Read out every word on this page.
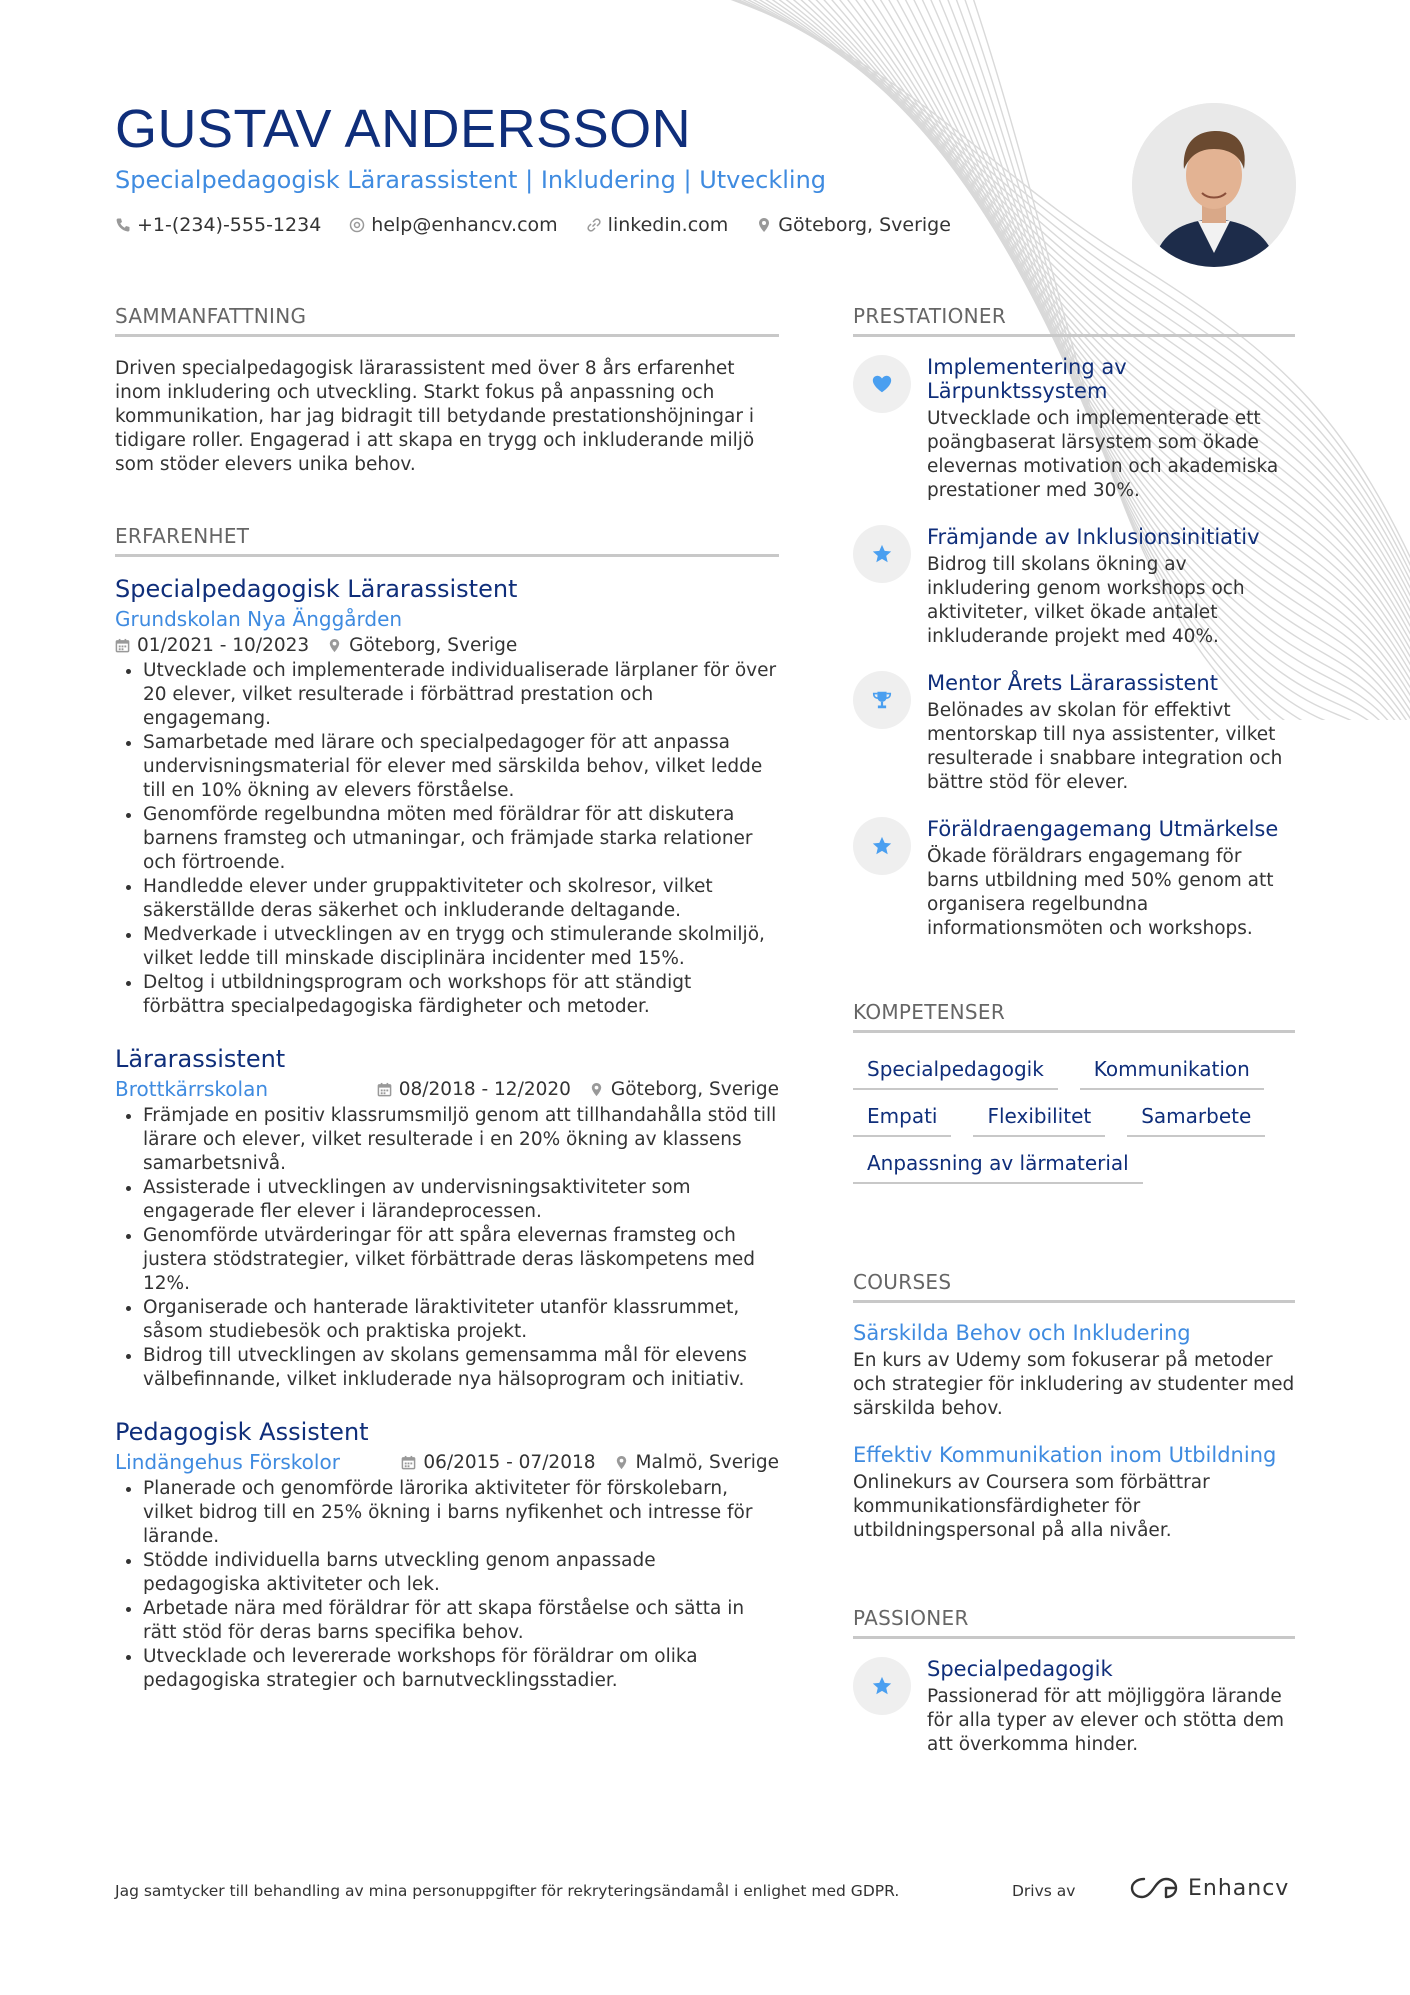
GUSTAV ANDERSSON
Specialpedagogisk Lärarassistent | Inkludering | Utveckling
+1-(234)-555-1234	help@enhancv.com	linkedin.com	Göteborg, Sverige
SAMMANFATTNING
Driven specialpedagogisk lärarassistent med över 8 års erfarenhet inom inkludering och utveckling. Starkt fokus på anpassning och kommunikation, har jag bidragit till betydande prestationshöjningar i tidigare roller. Engagerad i att skapa en trygg och inkluderande miljö som stöder elevers unika behov.
ERFARENHET
Specialpedagogisk Lärarassistent
Grundskolan Nya Änggården
01/2021 - 10/2023 Göteborg, Sverige
• Utvecklade och implementerade individualiserade lärplaner för över 20 elever, vilket resulterade i förbättrad prestation och engagemang.
• Samarbetade med lärare och specialpedagoger för att anpassa undervisningsmaterial för elever med särskilda behov, vilket ledde till en 10% ökning av elevers förståelse.
• Genomförde regelbundna möten med föräldrar för att diskutera barnens framsteg och utmaningar, och främjade starka relationer och förtroende.
• Handledde elever under gruppaktiviteter och skolresor, vilket säkerställde deras säkerhet och inkluderande deltagande.
• Medverkade i utvecklingen av en trygg och stimulerande skolmiljö, vilket ledde till minskade disciplinära incidenter med 15%.
• Deltog i utbildningsprogram och workshops för att ständigt förbättra specialpedagogiska färdigheter och metoder.
Lärarassistent
Brottkärrskolan	08/2018 - 12/2020 Göteborg, Sverige
• Främjade en positiv klassrumsmiljö genom att tillhandahålla stöd till lärare och elever, vilket resulterade i en 20% ökning av klassens samarbetsnivå.
• Assisterade i utvecklingen av undervisningsaktiviteter som engagerade fler elever i lärandeprocessen.
• Genomförde utvärderingar för att spåra elevernas framsteg och justera stödstrategier, vilket förbättrade deras läskompetens med 12%.
• Organiserade och hanterade läraktiviteter utanför klassrummet, såsom studiebesök och praktiska projekt.
• Bidrog till utvecklingen av skolans gemensamma mål för elevens välbefinnande, vilket inkluderade nya hälsoprogram och initiativ.
Pedagogisk Assistent
Lindängehus Förskolor	06/2015 - 07/2018 Malmö, Sverige
• Planerade och genomförde lärorika aktiviteter för förskolebarn, vilket bidrog till en 25% ökning i barns nyfikenhet och intresse för lärande.
• Stödde individuella barns utveckling genom anpassade pedagogiska aktiviteter och lek.
• Arbetade nära med föräldrar för att skapa förståelse och sätta in rätt stöd för deras barns specifika behov.
• Utvecklade och levererade workshops för föräldrar om olika pedagogiska strategier och barnutvecklingsstadier.
PRESTATIONER
Implementering av Lärpunktssystem
Utvecklade och implementerade ett poängbaserat lärsystem som ökade elevernas motivation och akademiska prestationer med 30%.
Främjande av Inklusionsinitiativ
Bidrog till skolans ökning av inkludering genom workshops och aktiviteter, vilket ökade antalet inkluderande projekt med 40%.
Mentor Årets Lärarassistent
Belönades av skolan för effektivt mentorskap till nya assistenter, vilket resulterade i snabbare integration och bättre stöd för elever.
Föräldraengagemang Utmärkelse
Ökade föräldrars engagemang för barns utbildning med 50% genom att organisera regelbundna informationsmöten och workshops.
KOMPETENSER
Specialpedagogik	Kommunikation
Empati	Flexibilitet	Samarbete
Anpassning av lärmaterial
COURSES
Särskilda Behov och Inkludering
En kurs av Udemy som fokuserar på metoder och strategier för inkludering av studenter med särskilda behov.
Effektiv Kommunikation inom Utbildning
Onlinekurs av Coursera som förbättrar kommunikationsfärdigheter för utbildningspersonal på alla nivåer.
PASSIONER
Specialpedagogik
Passionerad för att möjliggöra lärande för alla typer av elever och stötta dem att överkomma hinder.
Jag samtycker till behandling av mina personuppgifter för rekryteringsändamål i enlighet med GDPR.	Drivs av	Enhancv
